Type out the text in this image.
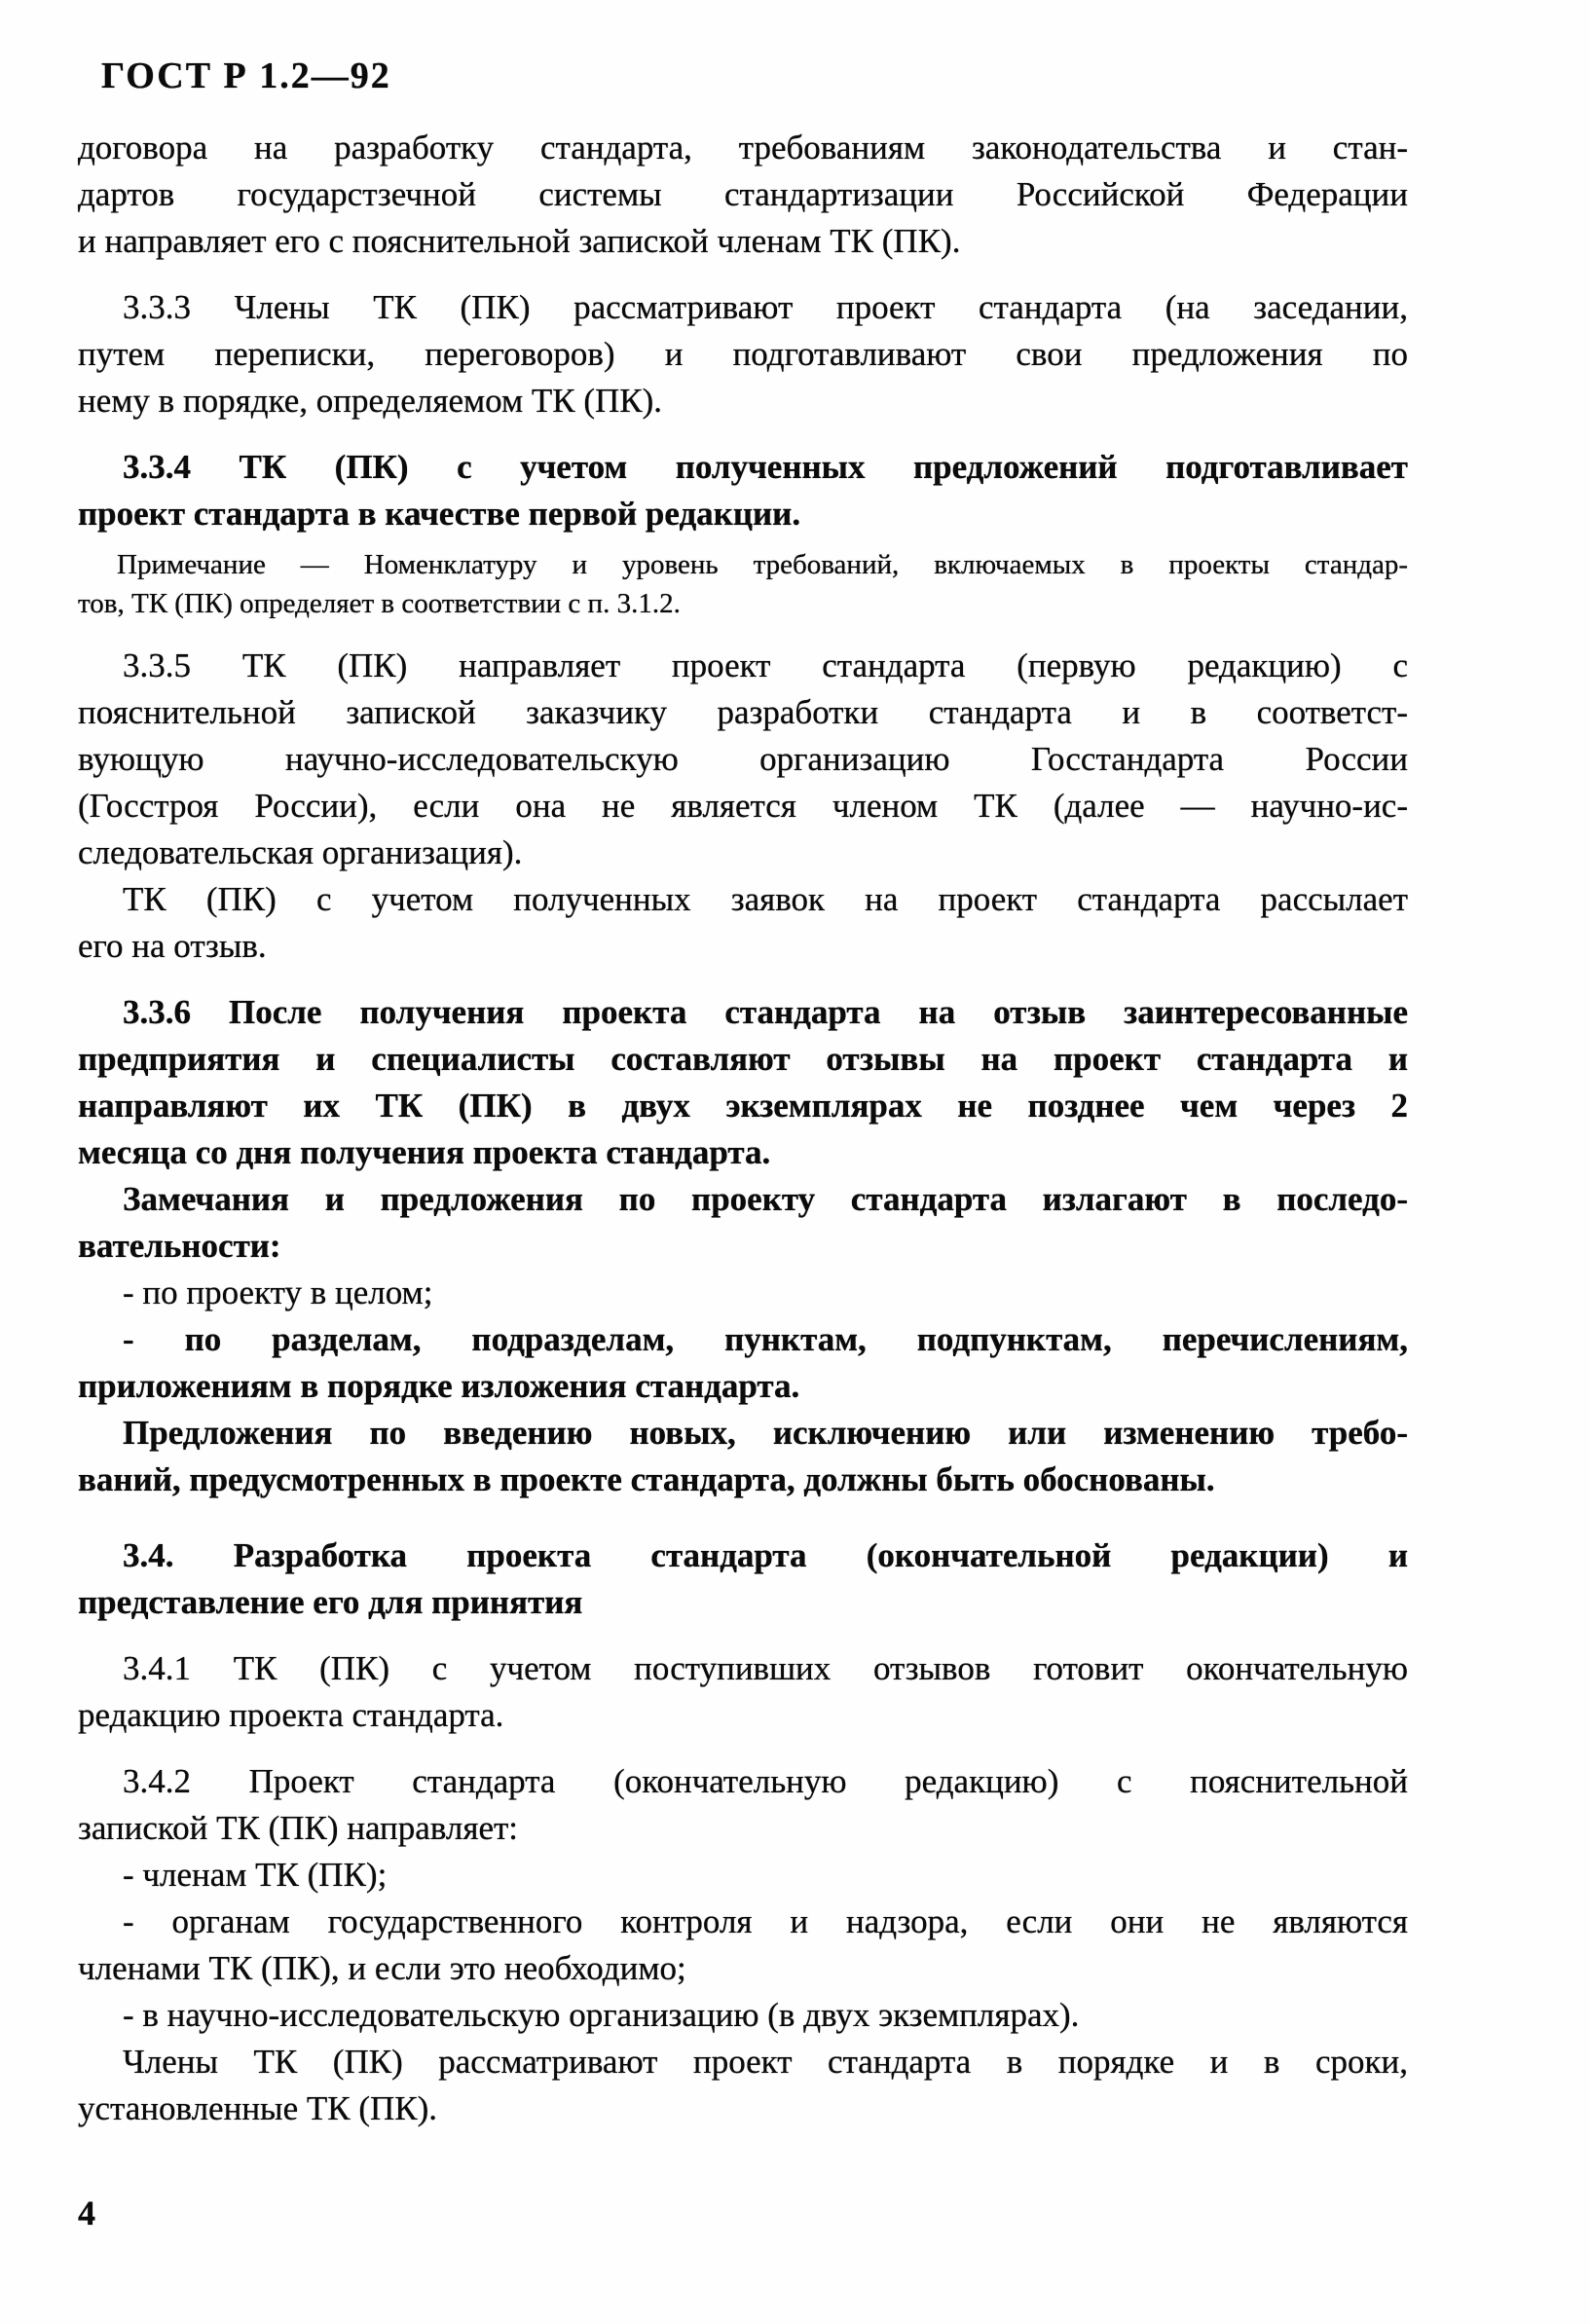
ГОСТ Р 1.2—92
договора на разработку стандарта, требованиям законодательства и стан-
дартов государстзечной системы стандартизации Российской Федерации
и направляет его с пояснительной запиской членам ТК (ПК).
3.3.3 Члены ТК (ПК) рассматривают проект стандарта (на заседании,
путем переписки, переговоров) и подготавливают свои предложения по
нему в порядке, определяемом ТК (ПК).
3.3.4 ТК (ПК) с учетом полученных предложений подготавливает
проект стандарта в качестве первой редакции.
Примечание — Номенклатуру и уровень требований, включаемых в проекты стандар-
тов, ТК (ПК) определяет в соответствии с п. 3.1.2.
3.3.5 ТК (ПК) направляет проект стандарта (первую редакцию) с
пояснительной запиской заказчику разработки стандарта и в соответст-
вующую научно-исследовательскую организацию Госстандарта России
(Госстроя России), если она не является членом ТК (далее — научно-ис-
следовательская организация).
ТК (ПК) с учетом полученных заявок на проект стандарта рассылает
его на отзыв.
3.3.6 После получения проекта стандарта на отзыв заинтересованные
предприятия и специалисты составляют отзывы на проект стандарта и
направляют их ТК (ПК) в двух экземплярах не позднее чем через 2
месяца со дня получения проекта стандарта.
Замечания и предложения по проекту стандарта излагают в последо-
вательности:
- по проекту в целом;
- по разделам, подразделам, пунктам, подпунктам, перечислениям,
приложениям в порядке изложения стандарта.
Предложения по введению новых, исключению или изменению требо-
ваний, предусмотренных в проекте стандарта, должны быть обоснованы.
3.4. Разработка проекта стандарта (окончательной редакции) и
представление его для принятия
3.4.1 ТК (ПК) с учетом поступивших отзывов готовит окончательную
редакцию проекта стандарта.
3.4.2 Проект стандарта (окончательную редакцию) с пояснительной
запиской ТК (ПК) направляет:
- членам ТК (ПК);
- органам государственного контроля и надзора, если они не являются
членами ТК (ПК), и если это необходимо;
- в научно-исследовательскую организацию (в двух экземплярах).
Члены ТК (ПК) рассматривают проект стандарта в порядке и в сроки,
установленные ТК (ПК).
4
